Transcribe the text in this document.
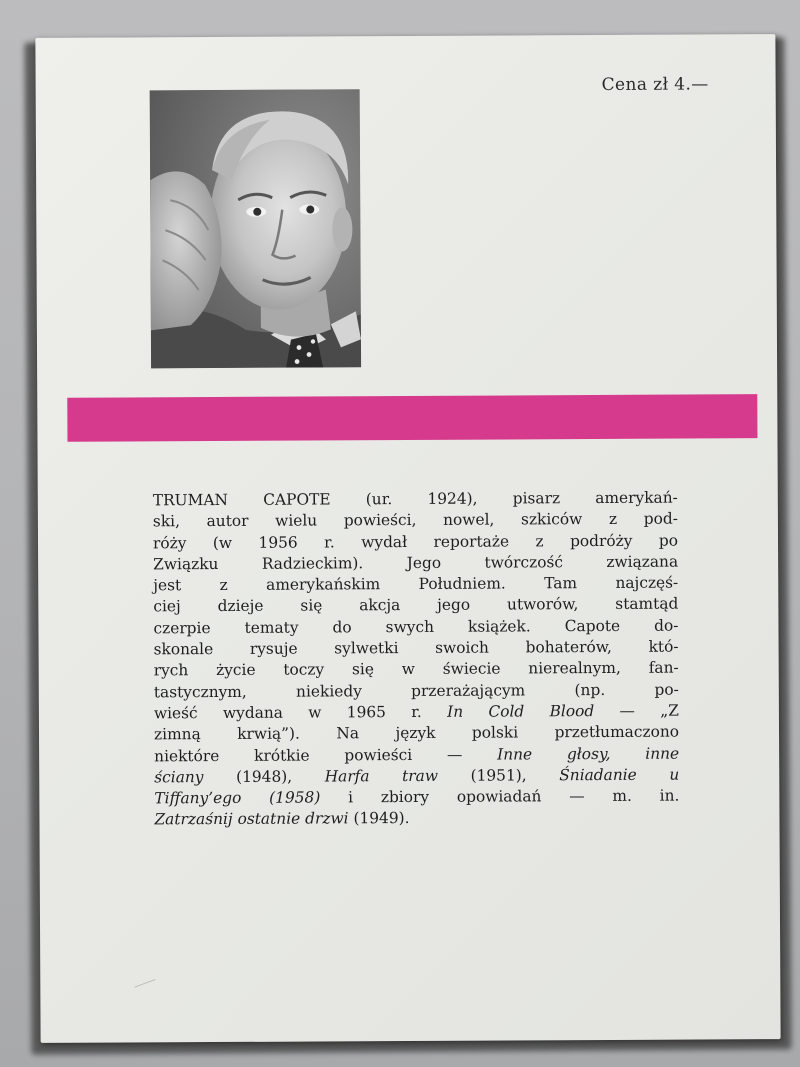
Cena zł 4.—
TRUMAN CAPOTE (ur. 1924), pisarz amerykań-
ski, autor wielu powieści, nowel, szkiców z pod-
róży (w 1956 r. wydał reportaże z podróży po
Związku Radzieckim). Jego twórczość związana
jest z amerykańskim Południem. Tam najczęś-
ciej dzieje się akcja jego utworów, stamtąd
czerpie tematy do swych książek. Capote do-
skonale rysuje sylwetki swoich bohaterów, któ-
rych życie toczy się w świecie nierealnym, fan-
tastycznym, niekiedy przerażającym (np. po-
wieść wydana w 1965 r. In Cold Blood — „Z
zimną krwią”). Na język polski przetłumaczono
niektóre krótkie powieści — Inne głosy, inne
ściany (1948), Harfa traw (1951), Śniadanie u
Tiffany’ego (1958) i zbiory opowiadań — m. in.
Zatrzaśnij ostatnie drzwi (1949).
